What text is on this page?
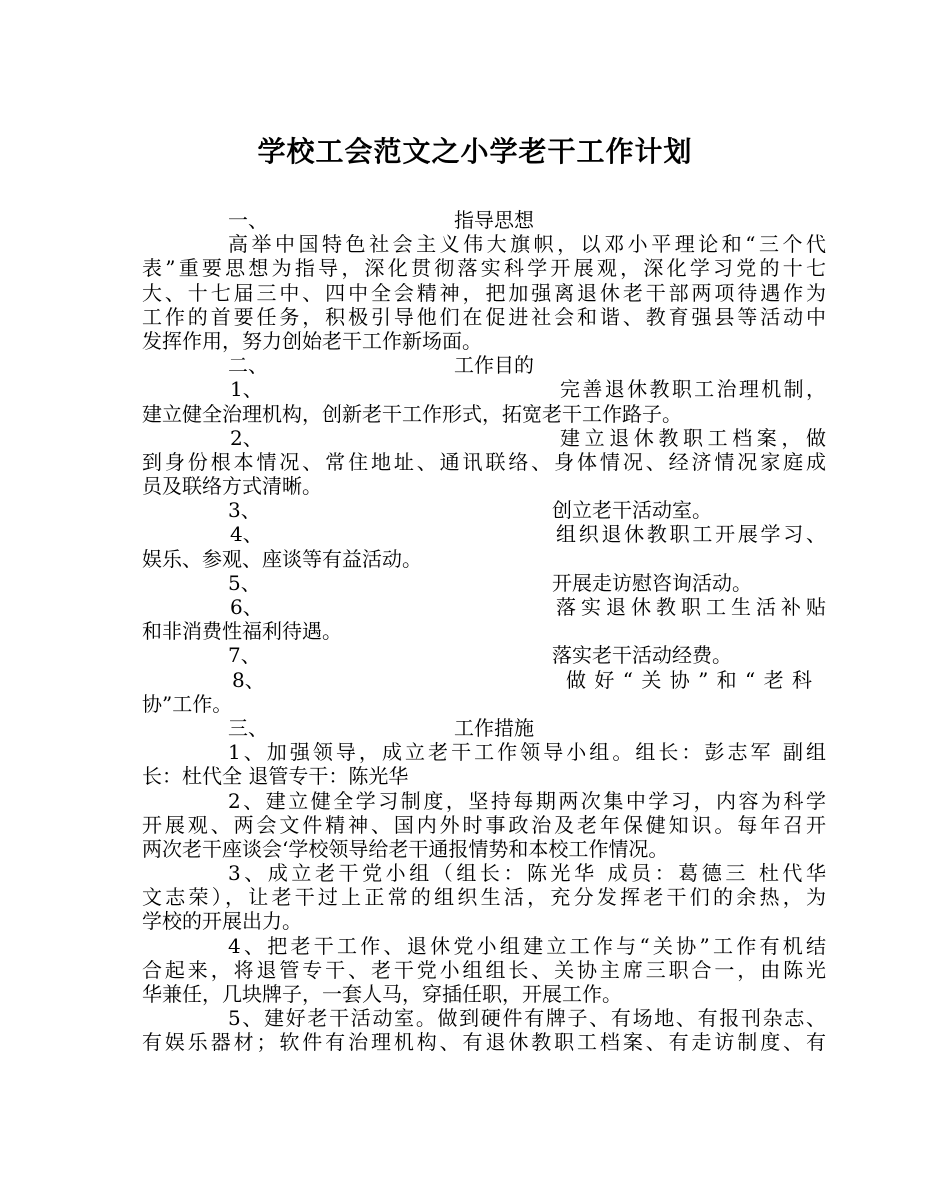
学校工会范文之小学老干工作计划
一、	指导思想
高举中国特色社会主义伟大旗帜，以邓小平理论和“三个代
表”重要思想为指导，深化贯彻落实科学开展观，深化学习党的十七
大、十七届三中、四中全会精神，把加强离退休老干部两项待遇作为
工作的首要任务，积极引导他们在促进社会和谐、教育强县等活动中
发挥作用，努力创始老干工作新场面。
二、	工作目的
1、	完善退休教职工治理机制，
建立健全治理机构，创新老干工作形式，拓宽老干工作路子。
2、	建立退休教职工档案，做
到身份根本情况、常住地址、通讯联络、身体情况、经济情况家庭成
员及联络方式清晰。
3、	创立老干活动室。
4、	组织退休教职工开展学习、
娱乐、参观、座谈等有益活动。
5、	开展走访慰咨询活动。
6、	落实退休教职工生活补贴
和非消费性福利待遇。
7、	落实老干活动经费。
8、	做好“关协”和“老科
协”工作。
三、	工作措施
1、加强领导，成立老干工作领导小组。组长：彭志军 副组
长：杜代全 退管专干：陈光华
2、建立健全学习制度，坚持每期两次集中学习，内容为科学
开展观、两会文件精神、国内外时事政治及老年保健知识。每年召开
两次老干座谈会‘学校领导给老干通报情势和本校工作情况。
3、成立老干党小组（组长：陈光华 成员：葛德三 杜代华
文志荣），让老干过上正常的组织生活，充分发挥老干们的余热，为
学校的开展出力。
4、把老干工作、退休党小组建立工作与“关协”工作有机结
合起来，将退管专干、老干党小组组长、关协主席三职合一，由陈光
华兼任，几块牌子，一套人马，穿插任职，开展工作。
5、建好老干活动室。做到硬件有牌子、有场地、有报刊杂志、
有娱乐器材；软件有治理机构、有退休教职工档案、有走访制度、有
